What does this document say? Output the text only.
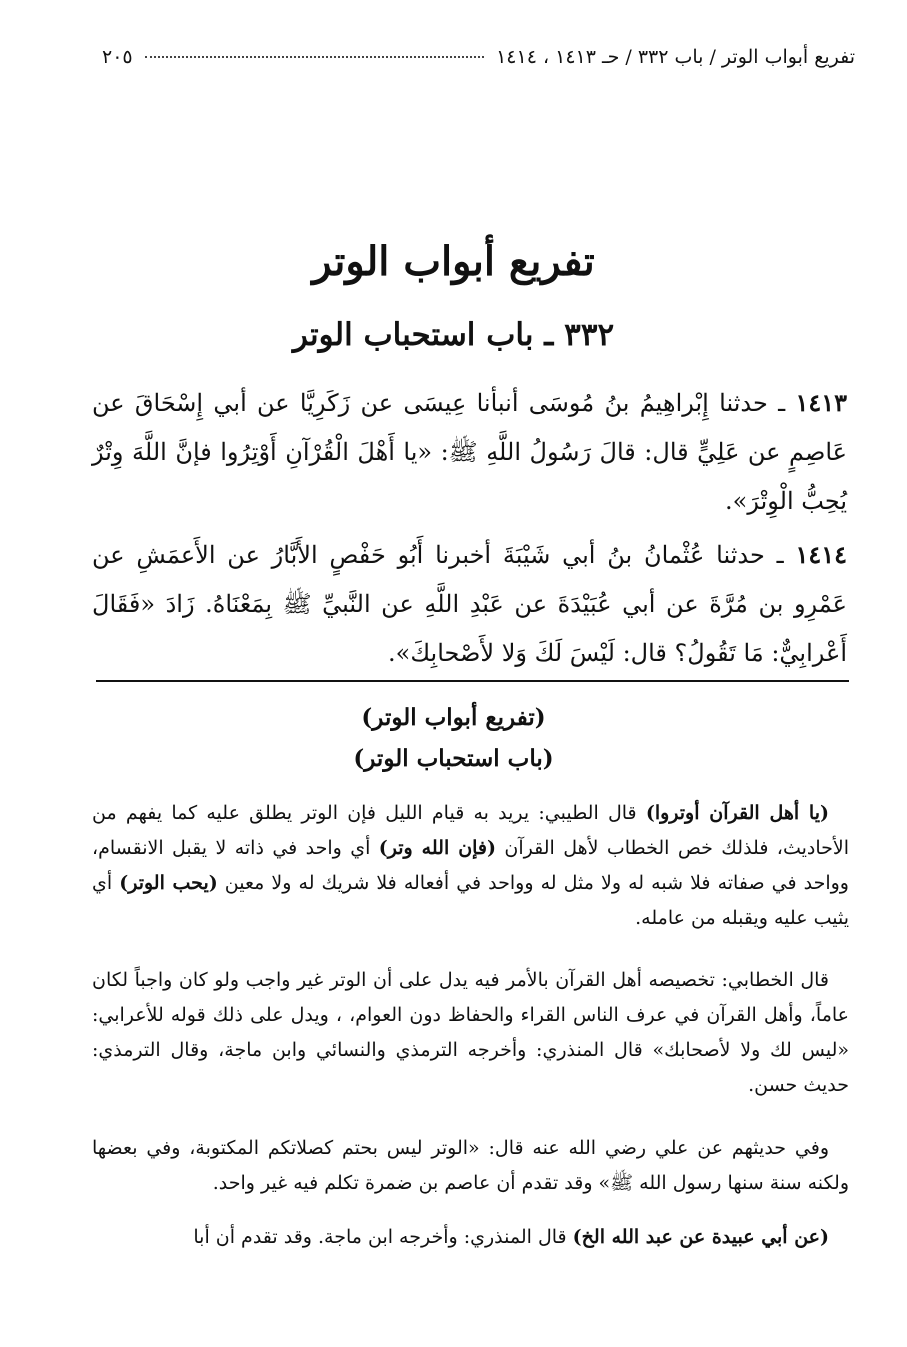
تفريع أبواب الوتر / باب ٣٣٢ / حـ ١٤١٣ ، ١٤١٤
٢٠٥
تفريع أبواب الوتر
٣٣٢ ـ باب استحباب الوتر
١٤١٣ ـ حدثنا إِبْراهِيمُ بنُ مُوسَى أنبأنا عِيسَى عن زَكَرِيَّا عن أبي إِسْحَاقَ عن عَاصِمٍ عن عَلِيٍّ قال: قالَ رَسُولُ اللَّهِ ﷺ: «يا أَهْلَ الْقُرْآنِ أَوْتِرُوا فإنَّ اللَّهَ وِتْرٌ يُحِبُّ الْوِتْرَ».
١٤١٤ ـ حدثنا عُثْمانُ بنُ أبي شَيْبَةَ أخبرنا أَبُو حَفْصٍ الأَبَّارُ عن الأَعمَشِ عن عَمْرِو بن مُرَّةَ عن أبي عُبَيْدَةَ عن عَبْدِ اللَّهِ عن النَّبيِّ ﷺ بِمَعْنَاهُ. زَادَ «فَقَالَ أَعْرابِيٌّ: مَا تَقُولُ؟ قال: لَيْسَ لَكَ وَلا لأَصْحابِكَ».
(تفريع أبواب الوتر)
(باب استحباب الوتر)
(يا أهل القرآن أوتروا) قال الطيبي: يريد به قيام الليل فإن الوتر يطلق عليه كما يفهم من الأحاديث، فلذلك خص الخطاب لأهل القرآن (فإن الله وتر) أي واحد في ذاته لا يقبل الانقسام، وواحد في صفاته فلا شبه له ولا مثل له وواحد في أفعاله فلا شريك له ولا معين (يحب الوتر) أي يثيب عليه ويقبله من عامله.
قال الخطابي: تخصيصه أهل القرآن بالأمر فيه يدل على أن الوتر غير واجب ولو كان واجباً لكان عاماً، وأهل القرآن في عرف الناس القراء والحفاظ دون العوام، ، ويدل على ذلك قوله للأعرابي: «ليس لك ولا لأصحابك» قال المنذري: وأخرجه الترمذي والنسائي وابن ماجة، وقال الترمذي: حديث حسن.
وفي حديثهم عن علي رضي الله عنه قال: «الوتر ليس بحتم كصلاتكم المكتوبة، وفي بعضها ولكنه سنة سنها رسول الله ﷺ» وقد تقدم أن عاصم بن ضمرة تكلم فيه غير واحد.
(عن أبي عبيدة عن عبد الله الخ) قال المنذري: وأخرجه ابن ماجة. وقد تقدم أن أبا
